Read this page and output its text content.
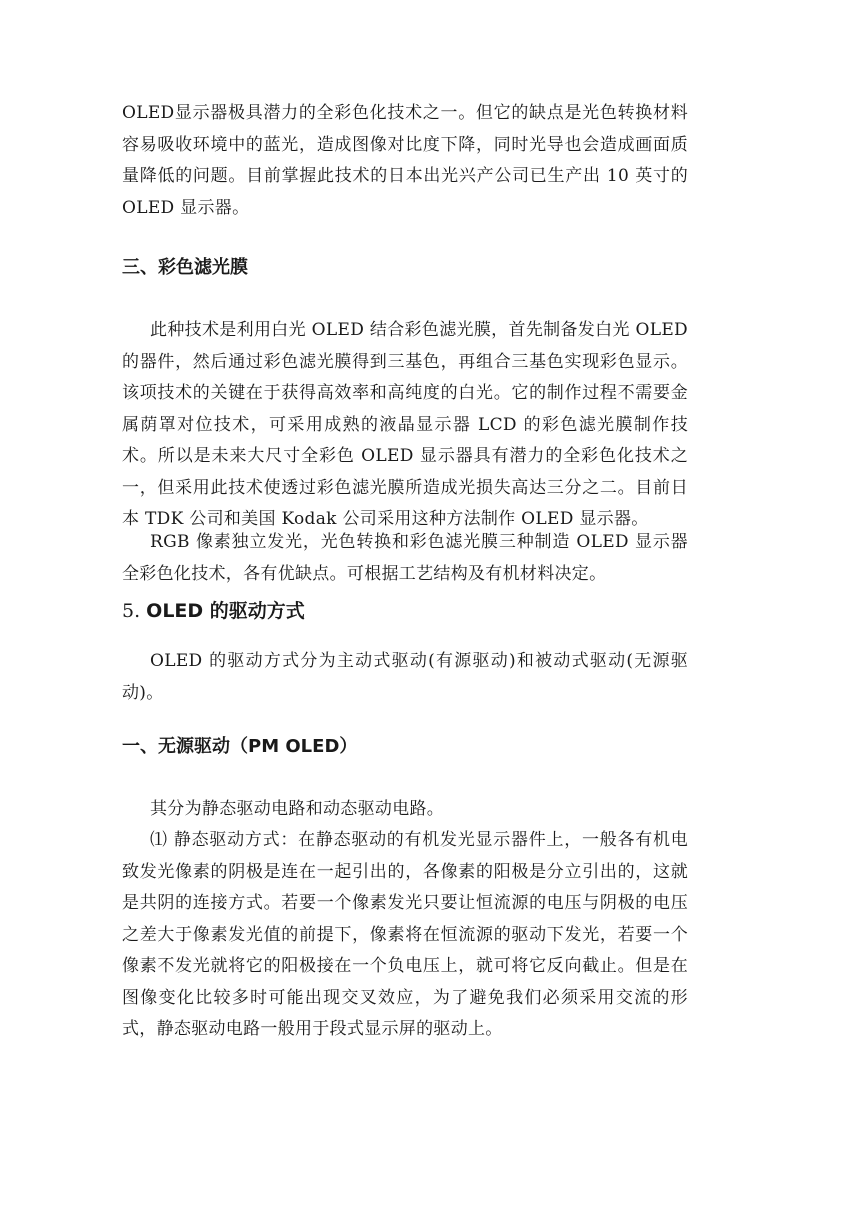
OLED显示器极具潜力的全彩色化技术之一。但它的缺点是光色转换材料容易吸收环境中的蓝光，造成图像对比度下降，同时光导也会造成画面质量降低的问题。目前掌握此技术的日本出光兴产公司已生产出 10 英寸的 OLED 显示器。

三、彩色滤光膜

此种技术是利用白光 OLED 结合彩色滤光膜，首先制备发白光 OLED 的器件，然后通过彩色滤光膜得到三基色，再组合三基色实现彩色显示。该项技术的关键在于获得高效率和高纯度的白光。它的制作过程不需要金属荫罩对位技术，可采用成熟的液晶显示器 LCD 的彩色滤光膜制作技术。所以是未来大尺寸全彩色 OLED 显示器具有潜力的全彩色化技术之一，但采用此技术使透过彩色滤光膜所造成光损失高达三分之二。目前日本 TDK 公司和美国 Kodak 公司采用这种方法制作 OLED 显示器。

RGB 像素独立发光，光色转换和彩色滤光膜三种制造 OLED 显示器全彩色化技术，各有优缺点。可根据工艺结构及有机材料决定。

5. OLED 的驱动方式

OLED 的驱动方式分为主动式驱动(有源驱动)和被动式驱动(无源驱动)。

一、无源驱动（PM OLED）

其分为静态驱动电路和动态驱动电路。

⑴ 静态驱动方式：在静态驱动的有机发光显示器件上，一般各有机电致发光像素的阴极是连在一起引出的，各像素的阳极是分立引出的，这就是共阴的连接方式。若要一个像素发光只要让恒流源的电压与阴极的电压之差大于像素发光值的前提下，像素将在恒流源的驱动下发光，若要一个像素不发光就将它的阳极接在一个负电压上，就可将它反向截止。但是在图像变化比较多时可能出现交叉效应，为了避免我们必须采用交流的形式，静态驱动电路一般用于段式显示屏的驱动上。
